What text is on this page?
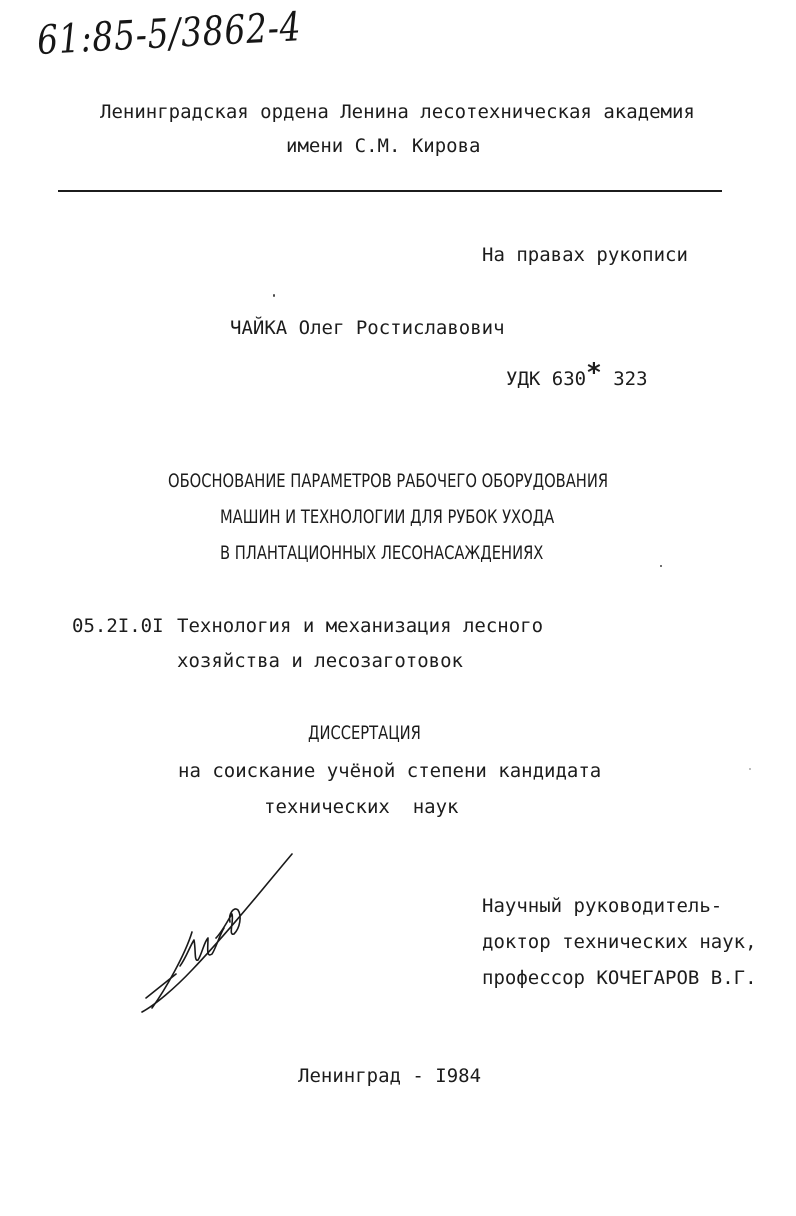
61:85-5/3862-4
Ленинградская ордена Ленина лесотехническая академия
имени С.М. Кирова
На правах рукописи
ЧАЙКА Олег Ростиславович
УДК 630* 323
ОБОСНОВАНИЕ ПАРАМЕТРОВ РАБОЧЕГО ОБОРУДОВАНИЯ
МАШИН И ТЕХНОЛОГИИ ДЛЯ РУБОК УХОДА
В ПЛАНТАЦИОННЫХ ЛЕСОНАСАЖДЕНИЯХ
05.2I.0I Технология и механизация лесного
хозяйства и лесозаготовок
ДИССЕРТАЦИЯ
на соискание учёной степени кандидата
технических  наук
Научный руководитель-
доктор технических наук,
профессор КОЧЕГАРОВ В.Г.
Ленинград - I984
